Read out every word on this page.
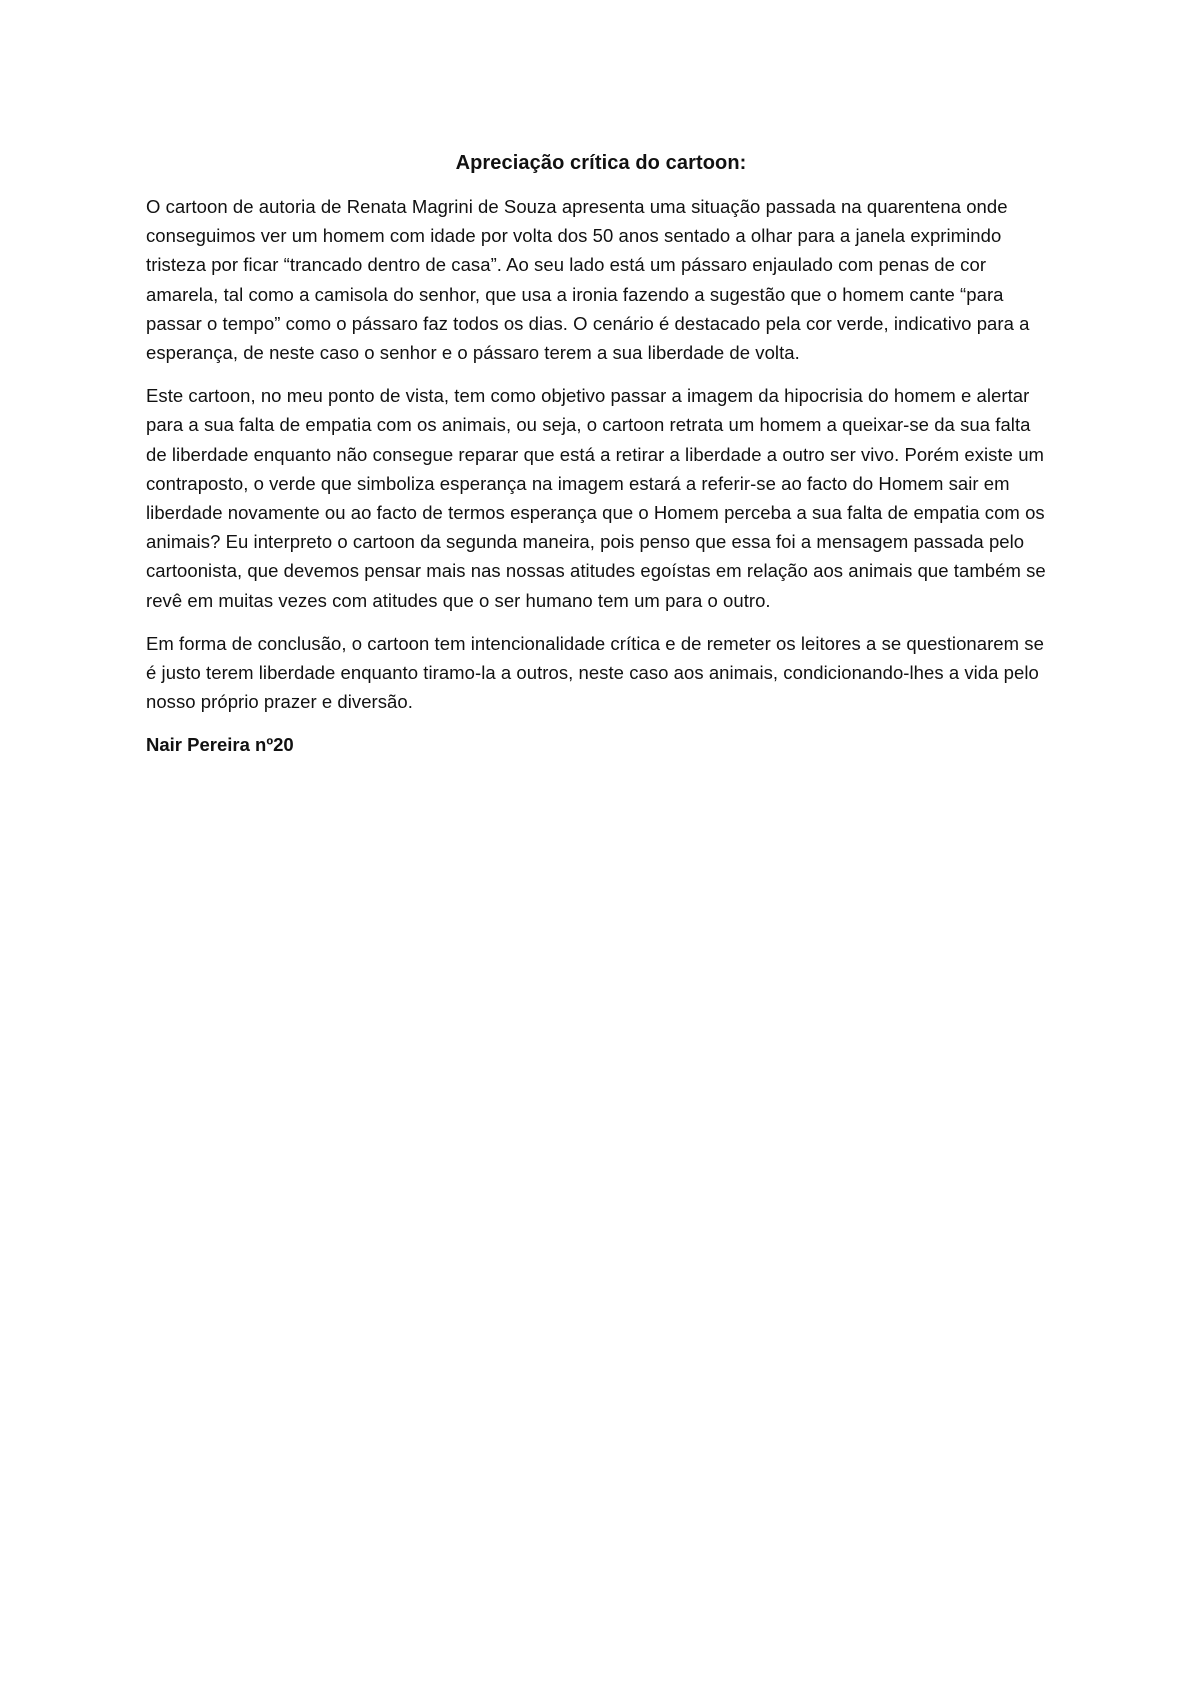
Apreciação crítica do cartoon:

O cartoon de autoria de Renata Magrini de Souza apresenta uma situação passada na quarentena onde conseguimos ver um homem com idade por volta dos 50 anos sentado a olhar para a janela exprimindo tristeza por ficar “trancado dentro de casa”. Ao seu lado está um pássaro enjaulado com penas de cor amarela, tal como a camisola do senhor, que usa a ironia fazendo a sugestão que o homem cante “para passar o tempo” como o pássaro faz todos os dias. O cenário é destacado pela cor verde, indicativo para a esperança, de neste caso o senhor e o pássaro terem a sua liberdade de volta.

Este cartoon, no meu ponto de vista, tem como objetivo passar a imagem da hipocrisia do homem e alertar para a sua falta de empatia com os animais, ou seja, o cartoon retrata um homem a queixar-se da sua falta de liberdade enquanto não consegue reparar que está a retirar a liberdade a outro ser vivo. Porém existe um contraposto, o verde que simboliza esperança na imagem estará a referir-se ao facto do Homem sair em liberdade novamente ou ao facto de termos esperança que o Homem perceba a sua falta de empatia com os animais? Eu interpreto o cartoon da segunda maneira, pois penso que essa foi a mensagem passada pelo cartoonista, que devemos pensar mais nas nossas atitudes egoístas em relação aos animais que também se revê em muitas vezes com atitudes que o ser humano tem um para o outro.

Em forma de conclusão, o cartoon tem intencionalidade crítica e de remeter os leitores a se questionarem se é justo terem liberdade enquanto tiramo-la a outros, neste caso aos animais, condicionando-lhes a vida pelo nosso próprio prazer e diversão.

Nair Pereira nº20
